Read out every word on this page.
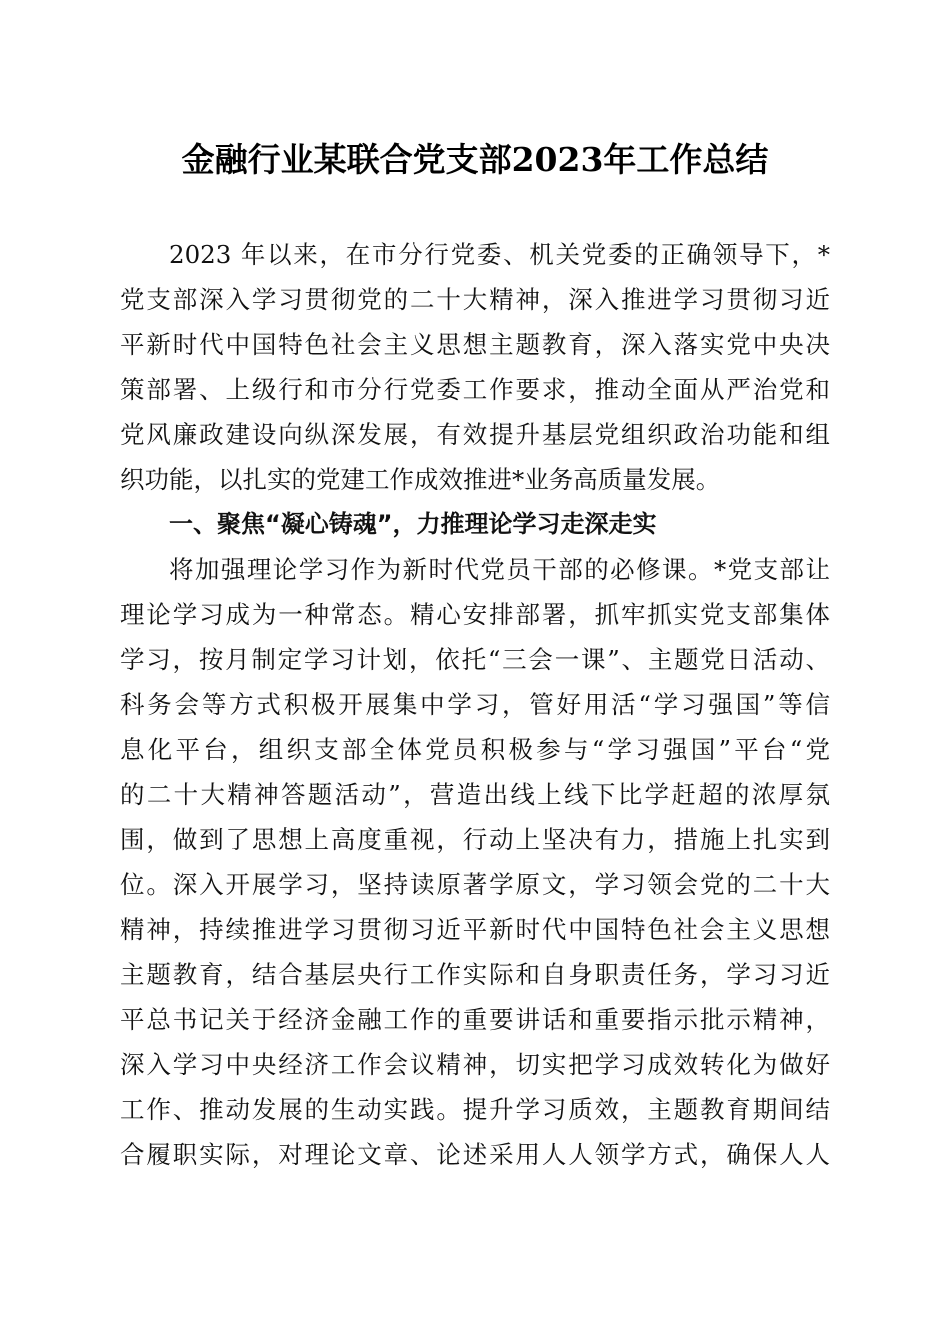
金融行业某联合党支部2023年工作总结
2023 年以来，在市分行党委、机关党委的正确领导下，*
党支部深入学习贯彻党的二十大精神，深入推进学习贯彻习近
平新时代中国特色社会主义思想主题教育，深入落实党中央决
策部署、上级行和市分行党委工作要求，推动全面从严治党和
党风廉政建设向纵深发展，有效提升基层党组织政治功能和组
织功能，以扎实的党建工作成效推进*业务高质量发展。
一、聚焦“凝心铸魂”，力推理论学习走深走实
将加强理论学习作为新时代党员干部的必修课。*党支部让
理论学习成为一种常态。精心安排部署，抓牢抓实党支部集体
学习，按月制定学习计划，依托“三会一课”、主题党日活动、
科务会等方式积极开展集中学习，管好用活“学习强国”等信
息化平台，组织支部全体党员积极参与“学习强国”平台“党
的二十大精神答题活动”，营造出线上线下比学赶超的浓厚氛
围，做到了思想上高度重视，行动上坚决有力，措施上扎实到
位。深入开展学习，坚持读原著学原文，学习领会党的二十大
精神，持续推进学习贯彻习近平新时代中国特色社会主义思想
主题教育，结合基层央行工作实际和自身职责任务，学习习近
平总书记关于经济金融工作的重要讲话和重要指示批示精神，
深入学习中央经济工作会议精神，切实把学习成效转化为做好
工作、推动发展的生动实践。提升学习质效，主题教育期间结
合履职实际，对理论文章、论述采用人人领学方式，确保人人
